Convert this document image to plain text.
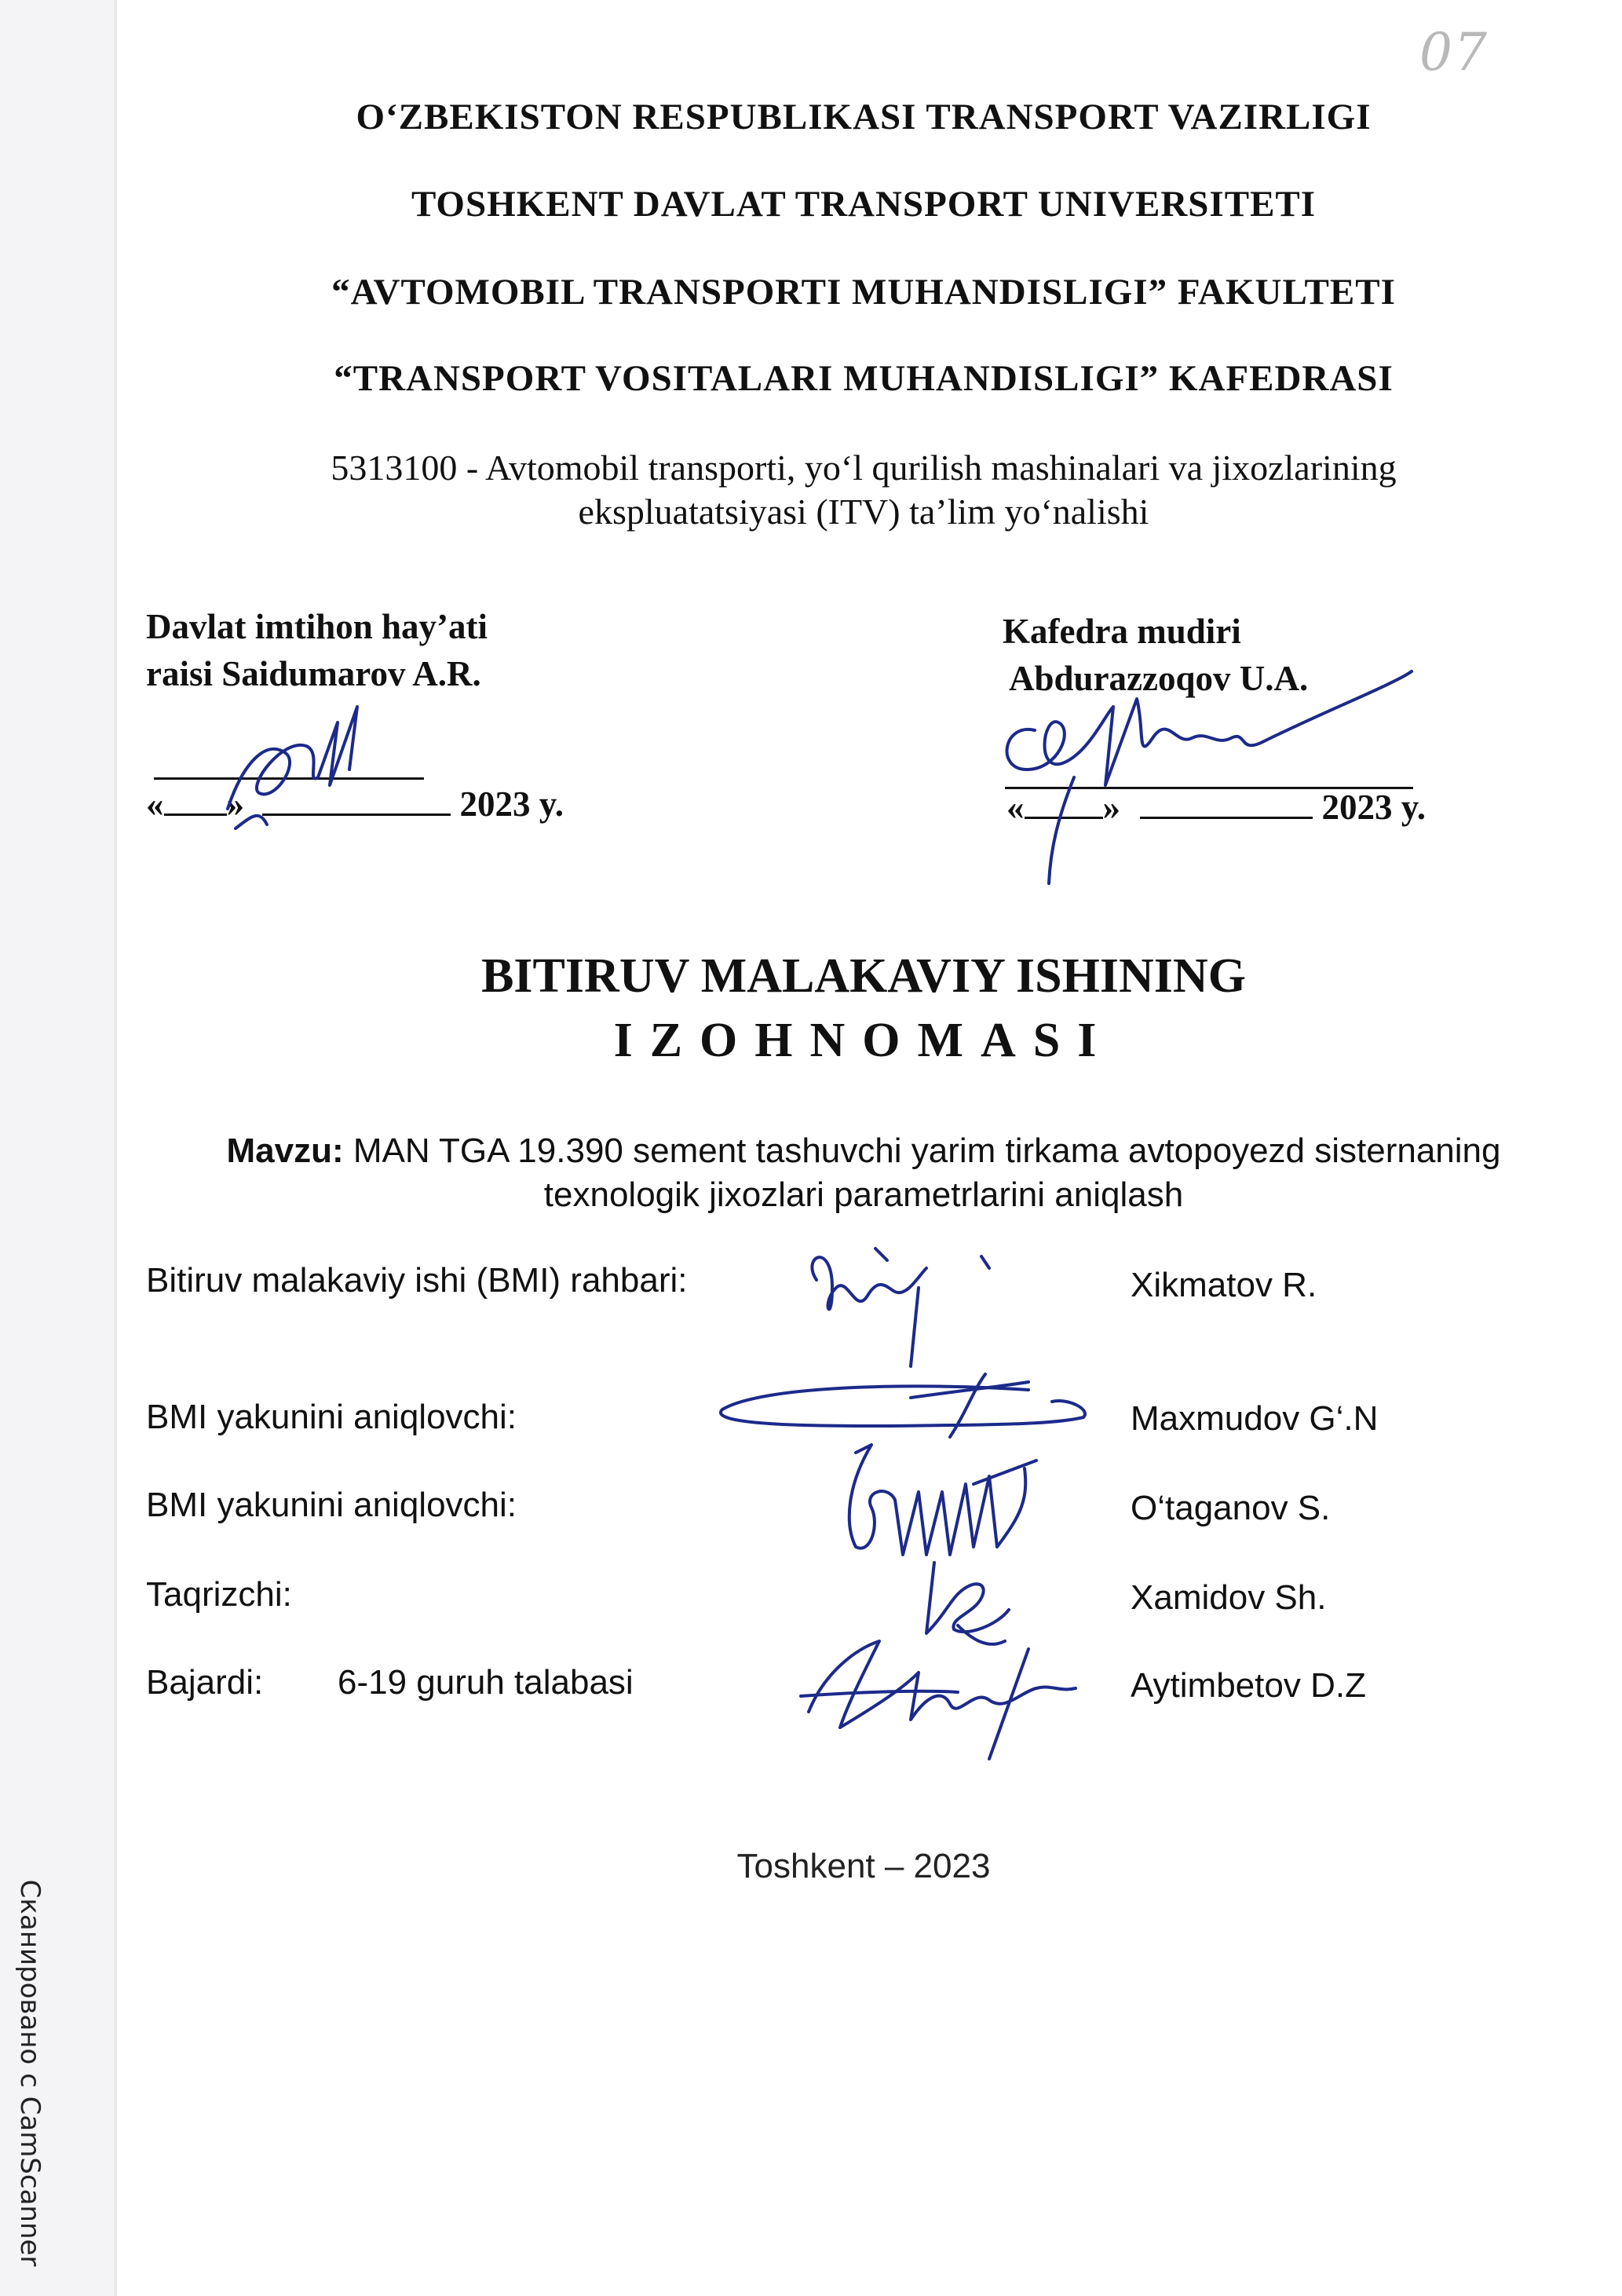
07
O‘ZBEKISTON RESPUBLIKASI TRANSPORT VAZIRLIGI
TOSHKENT DAVLAT TRANSPORT UNIVERSITETI
“AVTOMOBIL TRANSPORTI MUHANDISLIGI” FAKULTETI
“TRANSPORT VOSITALARI MUHANDISLIGI” KAFEDRASI
5313100 - Avtomobil transporti, yo‘l qurilish mashinalari va jixozlarining
ekspluatatsiyasi (ITV) ta’lim yo‘nalishi
Davlat imtihon hay’ati
raisi Saidumarov A.R.
« »	2023 y.
Kafedra mudiri
Abdurazzoqov U.A.
« »	2023 y.
BITIRUV MALAKAVIY ISHINING
IZOHNOMASI
Mavzu: MAN TGA 19.390 sement tashuvchi yarim tirkama avtopoyezd sisternaning
texnologik jixozlari parametrlarini aniqlash
Bitiruv malakaviy ishi (BMI) rahbari:	Xikmatov R.
BMI yakunini aniqlovchi:	Maxmudov G‘.N
BMI yakunini aniqlovchi:	O‘taganov S.
Taqrizchi:	Xamidov Sh.
Bajardi: 6-19 guruh talabasi	Aytimbetov D.Z
Toshkent – 2023
Сканировано с CamScanner
